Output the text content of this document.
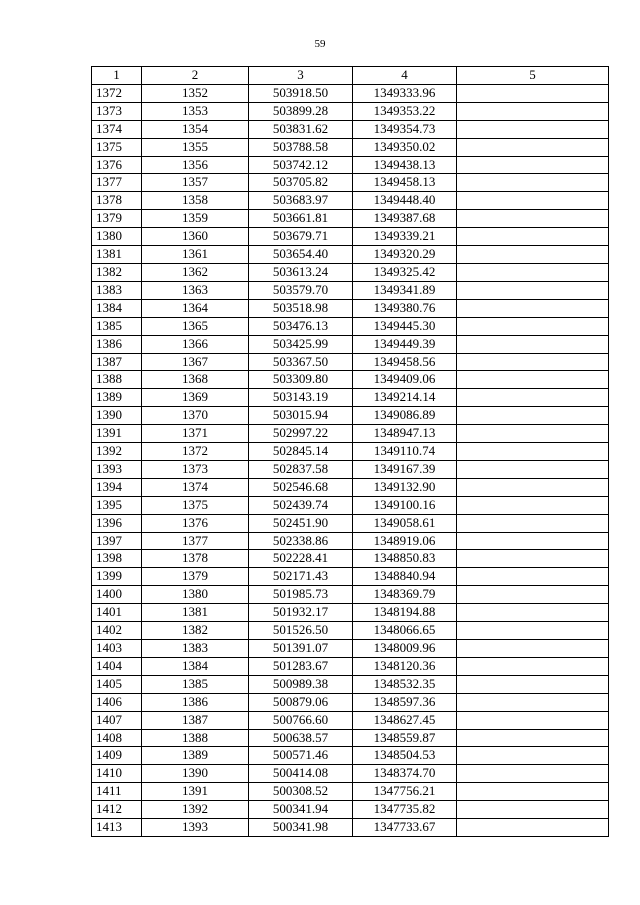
59
1	2	3	4	5
1372	1352	503918.50	1349333.96	
1373	1353	503899.28	1349353.22	
1374	1354	503831.62	1349354.73	
1375	1355	503788.58	1349350.02	
1376	1356	503742.12	1349438.13	
1377	1357	503705.82	1349458.13	
1378	1358	503683.97	1349448.40	
1379	1359	503661.81	1349387.68	
1380	1360	503679.71	1349339.21	
1381	1361	503654.40	1349320.29	
1382	1362	503613.24	1349325.42	
1383	1363	503579.70	1349341.89	
1384	1364	503518.98	1349380.76	
1385	1365	503476.13	1349445.30	
1386	1366	503425.99	1349449.39	
1387	1367	503367.50	1349458.56	
1388	1368	503309.80	1349409.06	
1389	1369	503143.19	1349214.14	
1390	1370	503015.94	1349086.89	
1391	1371	502997.22	1348947.13	
1392	1372	502845.14	1349110.74	
1393	1373	502837.58	1349167.39	
1394	1374	502546.68	1349132.90	
1395	1375	502439.74	1349100.16	
1396	1376	502451.90	1349058.61	
1397	1377	502338.86	1348919.06	
1398	1378	502228.41	1348850.83	
1399	1379	502171.43	1348840.94	
1400	1380	501985.73	1348369.79	
1401	1381	501932.17	1348194.88	
1402	1382	501526.50	1348066.65	
1403	1383	501391.07	1348009.96	
1404	1384	501283.67	1348120.36	
1405	1385	500989.38	1348532.35	
1406	1386	500879.06	1348597.36	
1407	1387	500766.60	1348627.45	
1408	1388	500638.57	1348559.87	
1409	1389	500571.46	1348504.53	
1410	1390	500414.08	1348374.70	
1411	1391	500308.52	1347756.21	
1412	1392	500341.94	1347735.82	
1413	1393	500341.98	1347733.67	
